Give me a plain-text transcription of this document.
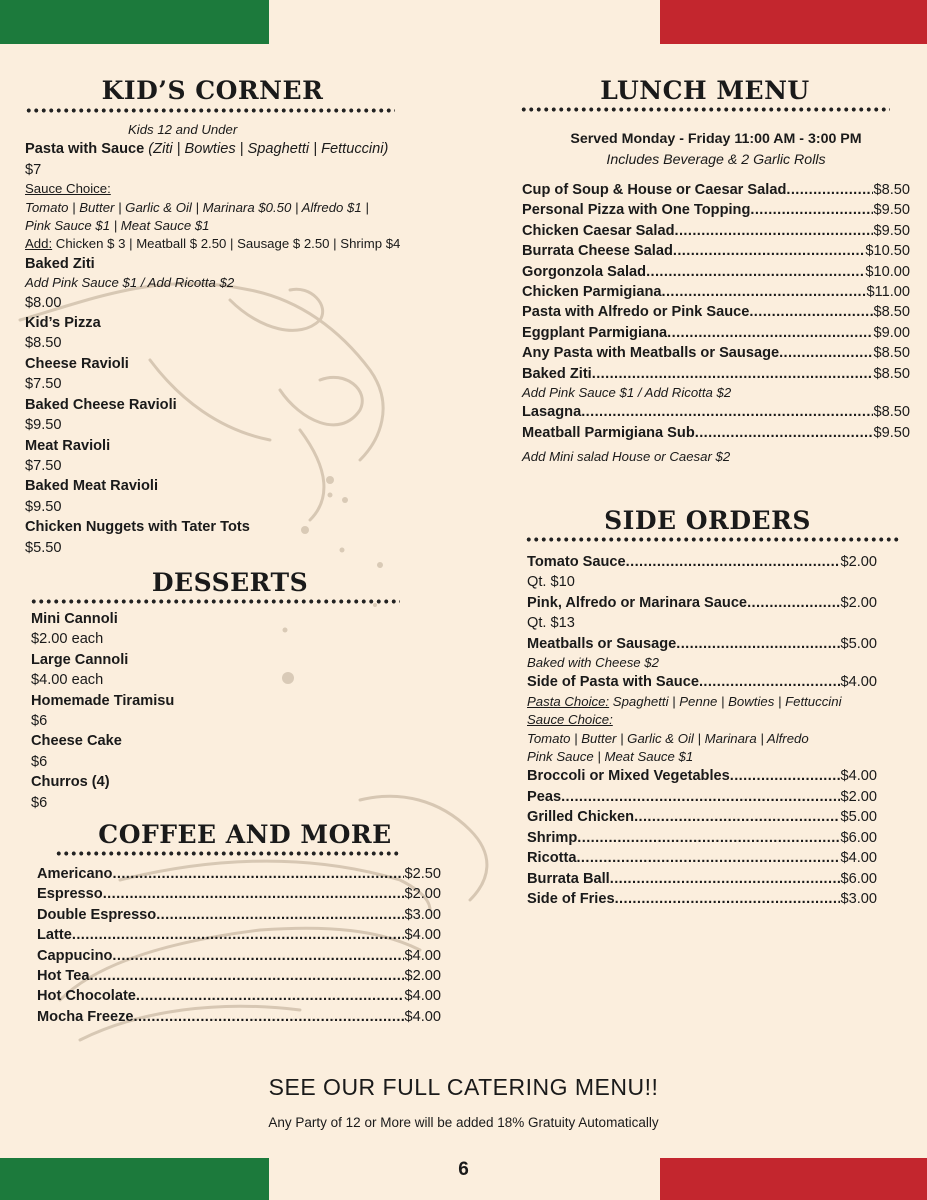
KID’S CORNER
Kids 12 and Under
Pasta with Sauce (Ziti | Bowties | Spaghetti | Fettuccini)
$7
Sauce Choice:
Tomato | Butter | Garlic & Oil | Marinara $0.50 | Alfredo $1 |
Pink Sauce $1 | Meat Sauce $1
Add: Chicken $ 3 | Meatball $ 2.50 | Sausage $ 2.50 | Shrimp $4
Baked Ziti
Add Pink Sauce $1 / Add Ricotta $2
$8.00
Kid’s Pizza
$8.50
Cheese Ravioli
$7.50
Baked Cheese Ravioli
$9.50
Meat Ravioli
$7.50
Baked Meat Ravioli
$9.50
Chicken Nuggets with Tater Tots
$5.50
DESSERTS
Mini Cannoli
$2.00 each
Large Cannoli
$4.00 each
Homemade Tiramisu
$6
Cheese Cake
$6
Churros (4)
$6
COFFEE AND MORE
Americano .....	$2.50
Espresso .....	$2.00
Double Espresso .....	$3.00
Latte .....	$4.00
Cappucino .....	$4.00
Hot Tea .....	$2.00
Hot Chocolate .....	$4.00
Mocha Freeze .....	$4.00
LUNCH MENU
Served Monday - Friday 11:00 AM - 3:00 PM
Includes Beverage & 2 Garlic Rolls
Cup of Soup & House or Caesar Salad .....	$8.50
Personal Pizza with One Topping .....	$9.50
Chicken Caesar Salad .....	$9.50
Burrata Cheese Salad .....	$10.50
Gorgonzola Salad .....	$10.00
Chicken Parmigiana .....	$11.00
Pasta with Alfredo or Pink Sauce .....	$8.50
Eggplant Parmigiana .....	$9.00
Any Pasta with Meatballs or Sausage .....	$8.50
Baked Ziti .....	$8.50
Add Pink Sauce $1 / Add Ricotta $2
Lasagna .....	$8.50
Meatball Parmigiana Sub .....	$9.50
Add Mini salad House or Caesar $2
SIDE ORDERS
Tomato Sauce .....	$2.00
Qt. $10
Pink, Alfredo or Marinara Sauce .....	$2.00
Qt. $13
Meatballs or Sausage .....	$5.00
Baked with Cheese $2
Side of Pasta with Sauce .....	$4.00
Pasta Choice: Spaghetti | Penne | Bowties | Fettuccini
Sauce Choice:
Tomato | Butter | Garlic & Oil | Marinara | Alfredo
Pink Sauce | Meat Sauce $1
Broccoli or Mixed Vegetables .....	$4.00
Peas .....	$2.00
Grilled Chicken .....	$5.00
Shrimp .....	$6.00
Ricotta .....	$4.00
Burrata Ball .....	$6.00
Side of Fries .....	$3.00
SEE OUR FULL CATERING MENU!!
Any Party of 12 or More will be added 18% Gratuity Automatically
6
